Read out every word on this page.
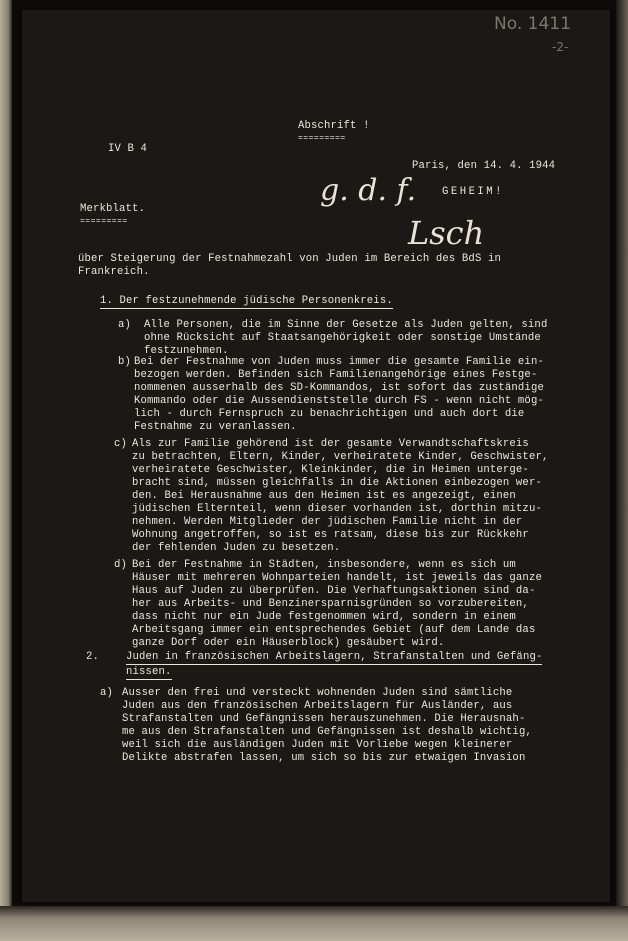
No. 1411
-2-
Abschrift !
=========
IV B 4
Paris, den 14. 4. 1944
g. d. f. GEHEIM!
Lsch
Merkblatt.
=========
über Steigerung der Festnahmezahl von Juden im Bereich des BdS in
Frankreich.
1. Der festzunehmende jüdische Personenkreis.
a) Alle Personen, die im Sinne der Gesetze als Juden gelten, sind
ohne Rücksicht auf Staatsangehörigkeit oder sonstige Umstände
festzunehmen.
b) Bei der Festnahme von Juden muss immer die gesamte Familie ein-
bezogen werden. Befinden sich Familienangehörige eines Festge-
nommenen ausserhalb des SD-Kommandos, ist sofort das zuständige
Kommando oder die Aussendienststelle durch FS - wenn nicht mög-
lich - durch Fernspruch zu benachrichtigen und auch dort die
Festnahme zu veranlassen.
c) Als zur Familie gehörend ist der gesamte Verwandtschaftskreis
zu betrachten, Eltern, Kinder, verheiratete Kinder, Geschwister,
verheiratete Geschwister, Kleinkinder, die in Heimen unterge-
bracht sind, müssen gleichfalls in die Aktionen einbezogen wer-
den. Bei Herausnahme aus den Heimen ist es angezeigt, einen
jüdischen Elternteil, wenn dieser vorhanden ist, dorthin mitzu-
nehmen. Werden Mitglieder der jüdischen Familie nicht in der
Wohnung angetroffen, so ist es ratsam, diese bis zur Rückkehr
der fehlenden Juden zu besetzen.
d) Bei der Festnahme in Städten, insbesondere, wenn es sich um
Häuser mit mehreren Wohnparteien handelt, ist jeweils das ganze
Haus auf Juden zu überprüfen. Die Verhaftungsaktionen sind da-
her aus Arbeits- und Benzinersparnisgründen so vorzubereiten,
dass nicht nur ein Jude festgenommen wird, sondern in einem
Arbeitsgang immer ein entsprechendes Gebiet (auf dem Lande das
ganze Dorf oder ein Häuserblock) gesäubert wird.
2.	Juden in französischen Arbeitslagern, Strafanstalten und Gefäng-
nissen.
a) Ausser den frei und versteckt wohnenden Juden sind sämtliche
Juden aus den französischen Arbeitslagern für Ausländer, aus
Strafanstalten und Gefängnissen herauszunehmen. Die Herausnah-
me aus den Strafanstalten und Gefängnissen ist deshalb wichtig,
weil sich die ausländigen Juden mit Vorliebe wegen kleinerer
Delikte abstrafen lassen, um sich so bis zur etwaigen Invasion
